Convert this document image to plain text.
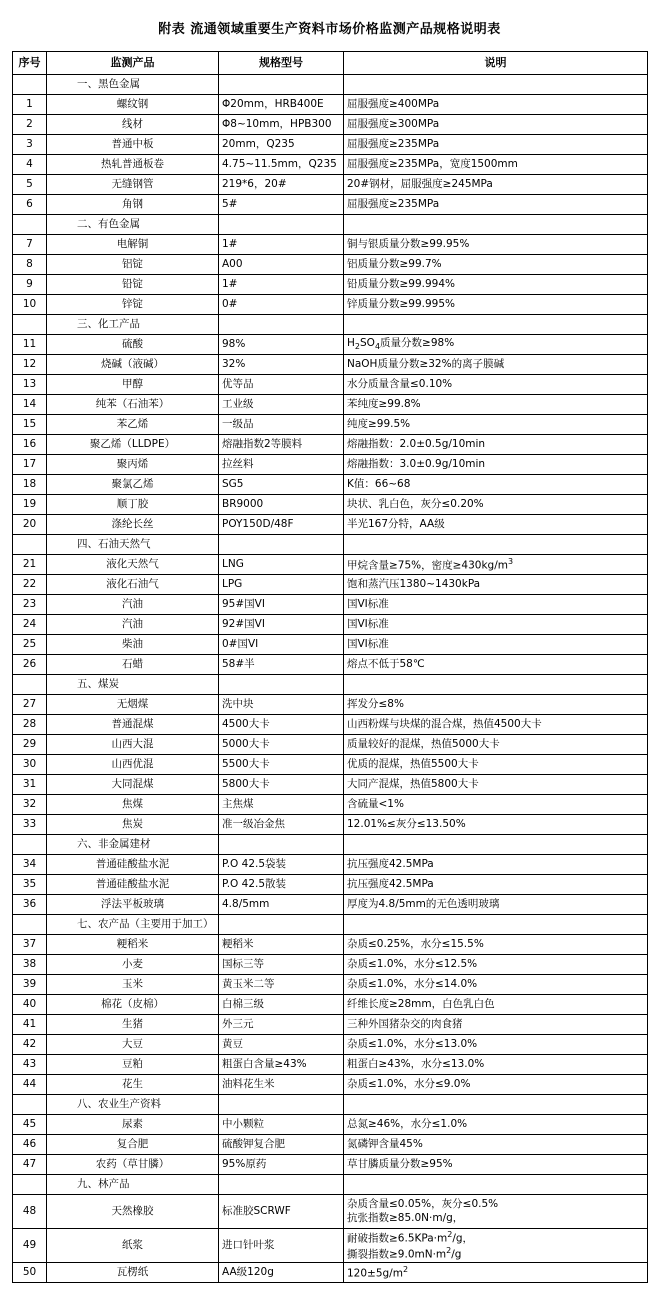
附表 流通领域重要生产资料市场价格监测产品规格说明表
序号	监测产品	规格型号	说明
	一、黑色金属		
1	螺纹钢	Φ20mm，HRB400E	屈服强度≥400MPa
2	线材	Φ8~10mm，HPB300	屈服强度≥300MPa
3	普通中板	20mm，Q235	屈服强度≥235MPa
4	热轧普通板卷	4.75~11.5mm，Q235	屈服强度≥235MPa，宽度1500mm
5	无缝钢管	219*6，20#	20#钢材，屈服强度≥245MPa
6	角钢	5#	屈服强度≥235MPa
	二、有色金属		
7	电解铜	1#	铜与银质量分数≥99.95%
8	铝锭	A00	铝质量分数≥99.7%
9	铅锭	1#	铅质量分数≥99.994%
10	锌锭	0#	锌质量分数≥99.995%
	三、化工产品		
11	硫酸	98%	$H_2SO_4$质量分数≥98%
12	烧碱（液碱）	32%	NaOH质量分数≥32%的离子膜碱
13	甲醇	优等品	水分质量含量≤0.10%
14	纯苯（石油苯）	工业级	苯纯度≥99.8%
15	苯乙烯	一级品	纯度≥99.5%
16	聚乙烯（LLDPE）	熔融指数2等膜料	熔融指数：2.0±0.5g/10min
17	聚丙烯	拉丝料	熔融指数：3.0±0.9g/10min
18	聚氯乙烯	SG5	K值：66~68
19	顺丁胶	BR9000	块状、乳白色，灰分≤0.20%
20	涤纶长丝	POY150D/48F	半光167分特，AA级
	四、石油天然气		
21	液化天然气	LNG	甲烷含量≥75%，密度$\ge 430kg/m^3$
22	液化石油气	LPG	饱和蒸汽压1380~1430kPa
23	汽油	95#国VI	国VI标准
24	汽油	92#国VI	国VI标准
25	柴油	0#国VI	国VI标准
26	石蜡	58#半	熔点不低于58℃
	五、煤炭		
27	无烟煤	洗中块	挥发分≤8%
28	普通混煤	4500大卡	山西粉煤与块煤的混合煤，热值4500大卡
29	山西大混	5000大卡	质量较好的混煤，热值5000大卡
30	山西优混	5500大卡	优质的混煤，热值5500大卡
31	大同混煤	5800大卡	大同产混煤，热值5800大卡
32	焦煤	主焦煤	含硫量<1%
33	焦炭	准一级冶金焦	12.01%≤灰分≤13.50%
	六、非金属建材		
34	普通硅酸盐水泥	P.O 42.5袋装	抗压强度42.5MPa
35	普通硅酸盐水泥	P.O 42.5散装	抗压强度42.5MPa
36	浮法平板玻璃	4.8/5mm	厚度为4.8/5mm的无色透明玻璃
	七、农产品（主要用于加工）		
37	粳稻米	粳稻米	杂质≤0.25%，水分≤15.5%
38	小麦	国标三等	杂质≤1.0%，水分≤12.5%
39	玉米	黄玉米二等	杂质≤1.0%，水分≤14.0%
40	棉花（皮棉）	白棉三级	纤维长度≥28mm，白色乳白色
41	生猪	外三元	三种外国猪杂交的肉食猪
42	大豆	黄豆	杂质≤1.0%，水分≤13.0%
43	豆粕	粗蛋白含量≥43%	粗蛋白≥43%，水分≤13.0%
44	花生	油料花生米	杂质≤1.0%，水分≤9.0%
	八、农业生产资料		
45	尿素	中小颗粒	总氮≥46%，水分≤1.0%
46	复合肥	硫酸钾复合肥	氮磷钾含量45%
47	农药（草甘膦）	95%原药	草甘膦质量分数≥95%
	九、林产品		
48	天然橡胶	标准胶SCRWF	杂质含量≤0.05%，灰分≤0.5%
抗张指数≥85.0N·m/g，

49	纸浆	进口针叶浆	耐破指数$\ge 6.5KPa\cdot m^2/g$，
撕裂指数$\ge 9.0mN\cdot m^2/g$

50	瓦楞纸	AA级120g	$120\pm 5g/m^2$
